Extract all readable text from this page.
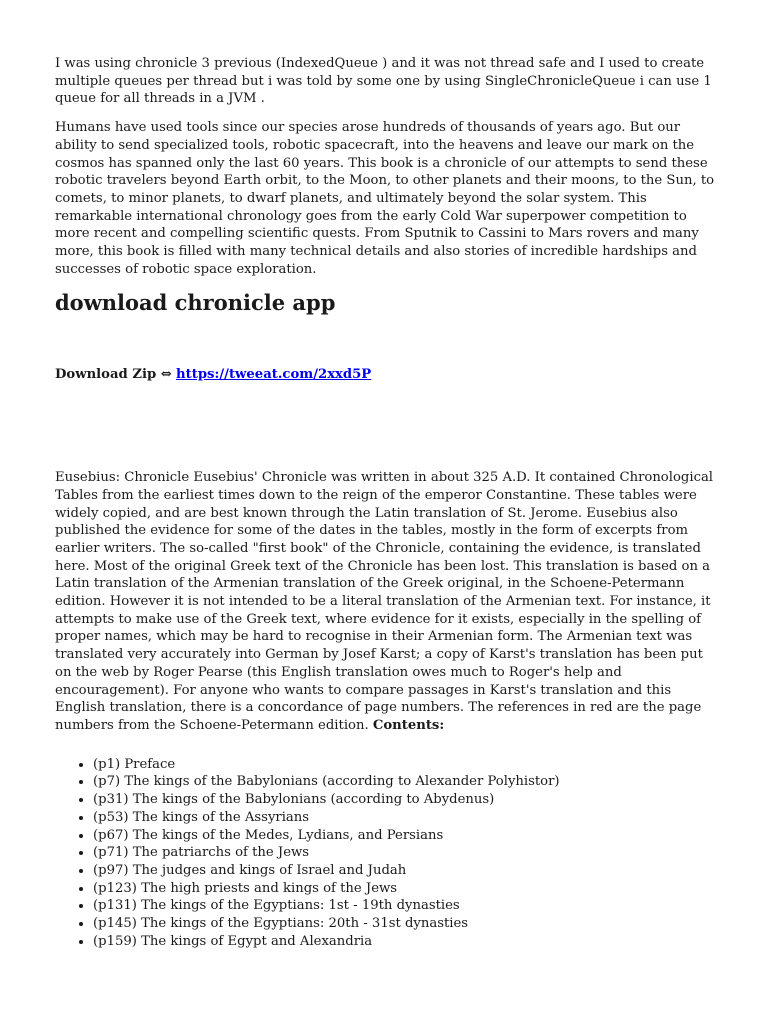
I was using chronicle 3 previous (IndexedQueue ) and it was not thread safe and I used to create multiple queues per thread but i was told by some one by using SingleChronicleQueue i can use 1 queue for all threads in a JVM .

Humans have used tools since our species arose hundreds of thousands of years ago. But our ability to send specialized tools, robotic spacecraft, into the heavens and leave our mark on the cosmos has spanned only the last 60 years. This book is a chronicle of our attempts to send these robotic travelers beyond Earth orbit, to the Moon, to other planets and their moons, to the Sun, to comets, to minor planets, to dwarf planets, and ultimately beyond the solar system. This remarkable international chronology goes from the early Cold War superpower competition to more recent and compelling scientific quests. From Sputnik to Cassini to Mars rovers and many more, this book is filled with many technical details and also stories of incredible hardships and successes of robotic space exploration.

download chronicle app
Download Zip ⇔ https://tweeat.com/2xxd5P

Eusebius: Chronicle Eusebius' Chronicle was written in about 325 A.D. It contained Chronological Tables from the earliest times down to the reign of the emperor Constantine. These tables were widely copied, and are best known through the Latin translation of St. Jerome. Eusebius also published the evidence for some of the dates in the tables, mostly in the form of excerpts from earlier writers. The so-called "first book" of the Chronicle, containing the evidence, is translated here. Most of the original Greek text of the Chronicle has been lost. This translation is based on a Latin translation of the Armenian translation of the Greek original, in the Schoene-Petermann edition. However it is not intended to be a literal translation of the Armenian text. For instance, it attempts to make use of the Greek text, where evidence for it exists, especially in the spelling of proper names, which may be hard to recognise in their Armenian form. The Armenian text was translated very accurately into German by Josef Karst; a copy of Karst's translation has been put on the web by Roger Pearse (this English translation owes much to Roger's help and encouragement). For anyone who wants to compare passages in Karst's translation and this English translation, there is a concordance of page numbers. The references in red are the page numbers from the Schoene-Petermann edition. Contents:

• (p1) Preface
• (p7) The kings of the Babylonians (according to Alexander Polyhistor)
• (p31) The kings of the Babylonians (according to Abydenus)
• (p53) The kings of the Assyrians
• (p67) The kings of the Medes, Lydians, and Persians
• (p71) The patriarchs of the Jews
• (p97) The judges and kings of Israel and Judah
• (p123) The high priests and kings of the Jews
• (p131) The kings of the Egyptians: 1st - 19th dynasties
• (p145) The kings of the Egyptians: 20th - 31st dynasties
• (p159) The kings of Egypt and Alexandria
